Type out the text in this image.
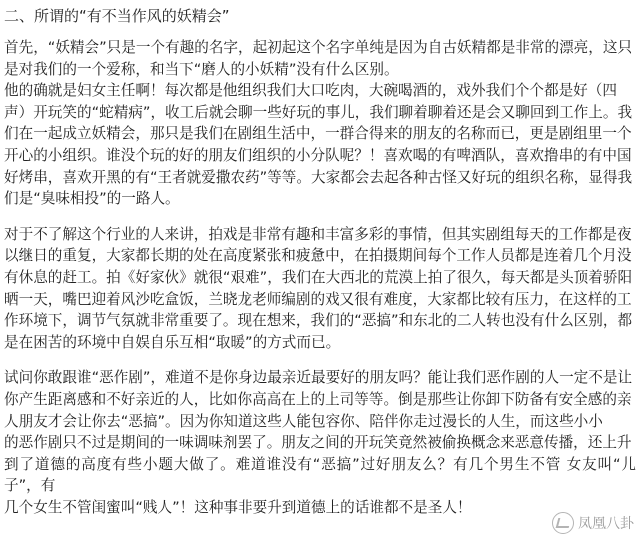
二、所谓的“有不当作风的妖精会”

首先，“妖精会”只是一个有趣的名字，起初起这个名字单纯是因为自古妖精都是非常的漂亮，这只

是对我们的一个爱称，和当下“磨人的小妖精”没有什么区别。

他的确就是妇女主任啊！每次都是他组织我们大口吃肉，大碗喝酒的，戏外我们个个都是好（四

声）开玩笑的“蛇精病”，收工后就会聊一些好玩的事儿，我们聊着聊着还是会又聊回到工作上。我

们在一起成立妖精会，那只是我们在剧组生活中，一群合得来的朋友的名称而已，更是剧组里一个

开心的小组织。谁没个玩的好的朋友们组织的小分队呢？！喜欢喝的有啤酒队，喜欢撸串的有中国

好烤串，喜欢开黑的有“王者就爱撒农药”等等。大家都会去起各种古怪又好玩的组织名称，显得我

们是“臭味相投”的一路人。

对于不了解这个行业的人来讲，拍戏是非常有趣和丰富多彩的事情，但其实剧组每天的工作都是夜

以继日的重复，大家都长期的处在高度紧张和疲惫中，在拍摄期间每个工作人员都是连着几个月没

有休息的赶工。拍《好家伙》就很“艰难”，我们在大西北的荒漠上拍了很久，每天都是头顶着骄阳

晒一天，嘴巴迎着风沙吃盒饭，兰晓龙老师编剧的戏又很有难度，大家都比较有压力，在这样的工

作环境下，调节气氛就非常重要了。现在想来，我们的“恶搞”和东北的二人转也没有什么区别，都

是在困苦的环境中自娱自乐互相“取暖”的方式而已。

试问你敢跟谁“恶作剧”，难道不是你身边最亲近最要好的朋友吗？能让我们恶作剧的人一定不是让

你产生距离感和不好亲近的人，比如你高高在上的上司等等。倒是那些让你卸下防备有安全感的亲

人朋友才会让你去“恶搞”。因为你知道这些人能包容你、陪伴你走过漫长的人生，而这些小小

的恶作剧只不过是期间的一味调味剂罢了。朋友之间的开玩笑竟然被偷换概念来恶意传播，还上升

到了道德的高度有些小题大做了。难道谁没有“恶搞”过好朋友么？有几个男生不管 女友叫“儿子”，有

几个女生不管闺蜜叫“贱人”！这种事非要升到道德上的话谁都不是圣人！

凤凰八卦
